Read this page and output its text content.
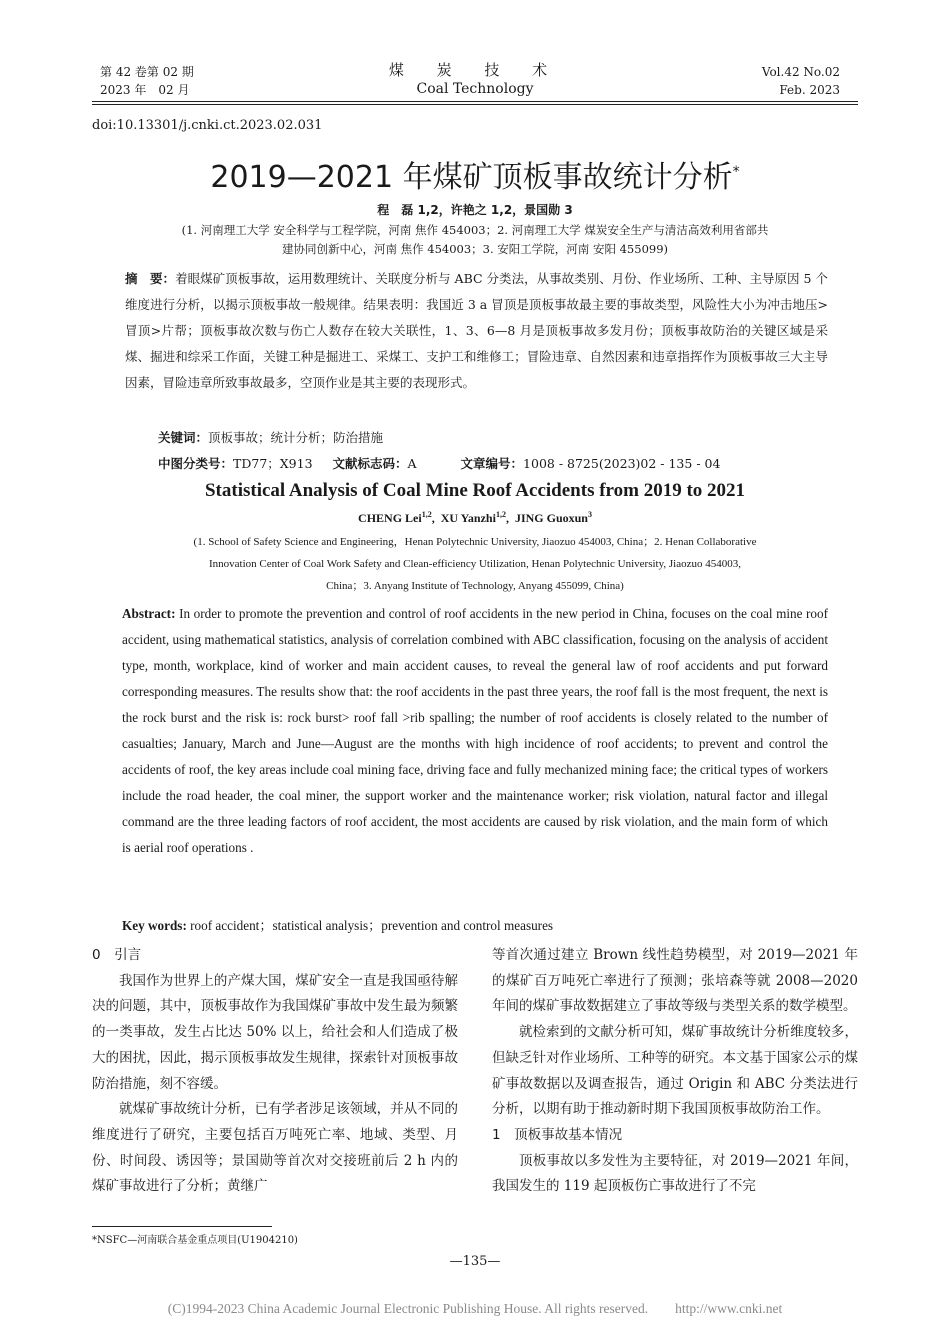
第 42 卷第 02 期
2023 年　02 月
煤 炭 技 术
Coal Technology
Vol.42 No.02
Feb. 2023
doi:10.13301/j.cnki.ct.2023.02.031
2019—2021 年煤矿顶板事故统计分析*
程　磊 1,2，许艳之 1,2，景国勋 3
(1. 河南理工大学 安全科学与工程学院，河南 焦作 454003；2. 河南理工大学 煤炭安全生产与清洁高效利用省部共
建协同创新中心，河南 焦作 454003；3. 安阳工学院，河南 安阳 455099)
摘　要：着眼煤矿顶板事故，运用数理统计、关联度分析与 ABC 分类法，从事故类别、月份、作业场所、工种、主导原因 5 个维度进行分析，以揭示顶板事故一般规律。结果表明：我国近 3 a 冒顶是顶板事故最主要的事故类型，风险性大小为冲击地压>冒顶>片帮；顶板事故次数与伤亡人数存在较大关联性，1、3、6—8 月是顶板事故多发月份；顶板事故防治的关键区域是采煤、掘进和综采工作面，关键工种是掘进工、采煤工、支护工和维修工；冒险违章、自然因素和违章指挥作为顶板事故三大主导因素，冒险违章所致事故最多，空顶作业是其主要的表现形式。
关键词：顶板事故；统计分析；防治措施
中图分类号：TD77；X913 文献标志码：A	文章编号：1008 - 8725(2023)02 - 135 - 04
Statistical Analysis of Coal Mine Roof Accidents from 2019 to 2021
CHENG Lei$^{1,2}$,  XU Yanzhi$^{1,2}$,  JING Guoxun$^3$
(1. School of Safety Science and Engineering，Henan Polytechnic University, Jiaozuo 454003, China；2. Henan Collaborative
Innovation Center of Coal Work Safety and Clean-efficiency Utilization, Henan Polytechnic University, Jiaozuo 454003,
China；3. Anyang Institute of Technology, Anyang 455099, China)
Abstract: In order to promote the prevention and control of roof accidents in the new period in China, focuses on the coal mine roof accident, using mathematical statistics, analysis of correlation combined with ABC classification, focusing on the analysis of accident type, month, workplace, kind of worker and main accident causes, to reveal the general law of roof accidents and put forward corresponding measures. The results show that: the roof accidents in the past three years, the roof fall is the most frequent, the next is the rock burst and the risk is: rock burst> roof fall >rib spalling; the number of roof accidents is closely related to the number of casualties; January, March and June—August are the months with high incidence of roof accidents; to prevent and control the accidents of roof, the key areas include coal mining face, driving face and fully mechanized mining face; the critical types of workers include the road header, the coal miner, the support worker and the maintenance worker; risk violation, natural factor and illegal command are the three leading factors of roof accident, the most accidents are caused by risk violation, and the main form of which is aerial roof operations .
Key words: roof accident；statistical analysis；prevention and control measures

0　引言

我国作为世界上的产煤大国，煤矿安全一直是我国亟待解决的问题，其中，顶板事故作为我国煤矿事故中发生最为频繁的一类事故，发生占比达 50% 以上，给社会和人们造成了极大的困扰，因此，揭示顶板事故发生规律，探索针对顶板事故防治措施，刻不容缓。

就煤矿事故统计分析，已有学者涉足该领域，并从不同的维度进行了研究，主要包括百万吨死亡率、地域、类型、月份、时间段、诱因等；景国勋等首次对交接班前后 2 h 内的煤矿事故进行了分析；黄继广

等首次通过建立 Brown 线性趋势模型，对 2019—2021 年的煤矿百万吨死亡率进行了预测；张培森等就 2008—2020 年间的煤矿事故数据建立了事故等级与类型关系的数学模型。

就检索到的文献分析可知，煤矿事故统计分析维度较多，但缺乏针对作业场所、工种等的研究。本文基于国家公示的煤矿事故数据以及调查报告，通过 Origin 和 ABC 分类法进行分析，以期有助于推动新时期下我国顶板事故防治工作。

1　顶板事故基本情况

顶板事故以多发性为主要特征，对 2019—2021 年间，我国发生的 119 起顶板伤亡事故进行了不完

*NSFC—河南联合基金重点项目(U1904210)
—135—
(C)1994-2023 China Academic Journal Electronic Publishing House. All rights reserved.　　http://www.cnki.net
